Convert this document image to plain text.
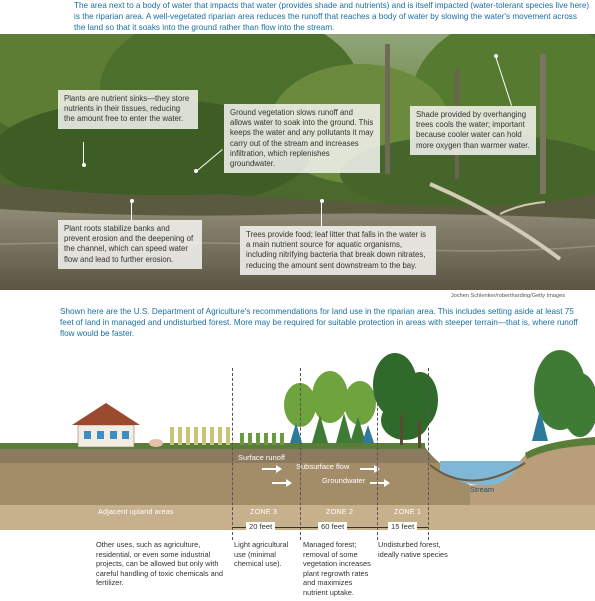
The area next to a body of water that impacts that water (provides shade and nutrients) and is itself impacted (water-tolerant species live here) is the riparian area. A well-vegetated riparian area reduces the runoff that reaches a body of water by slowing the water's movement across the land so that it soaks into the ground rather than flow into the stream.

Plants are nutrient sinks—they store nutrients in their tissues, reducing the amount free to enter the water.
Ground vegetation slows runoff and allows water to soak into the ground. This keeps the water and any pollutants it may carry out of the stream and increases infiltration, which replenishes groundwater.
Shade provided by overhanging trees cools the water; important because cooler water can hold more oxygen than warmer water.
Plant roots stabilize banks and prevent erosion and the deepening of the channel, which can speed water flow and lead to further erosion.
Trees provide food; leaf litter that falls in the water is a main nutrient source for aquatic organisms, including nitrifying bacteria that break down nitrates, reducing the amount sent downstream to the bay.
Jochen Schlenker/robertharding/Getty Images

Shown here are the U.S. Department of Agriculture's recommendations for land use in the riparian area. This includes setting aside at least 75 feet of land in managed and undisturbed forest. More may be required for suitable protection in areas with steeper terrain—that is, where runoff flow would be faster.

Surface runoff
Subsurface flow
Groundwater
Stream
Adjacent upland areas	ZONE 3	ZONE 2	ZONE 1
20 feet	60 feet	15 feet

Other uses, such as agriculture, residential, or even some industrial projects, can be allowed but only with careful handling of toxic chemicals and fertilizer.

Light agricultural use (minimal chemical use).

Managed forest; removal of some vegetation increases plant regrowth rates and maximizes nutrient uptake.

Undisturbed forest, ideally native species
